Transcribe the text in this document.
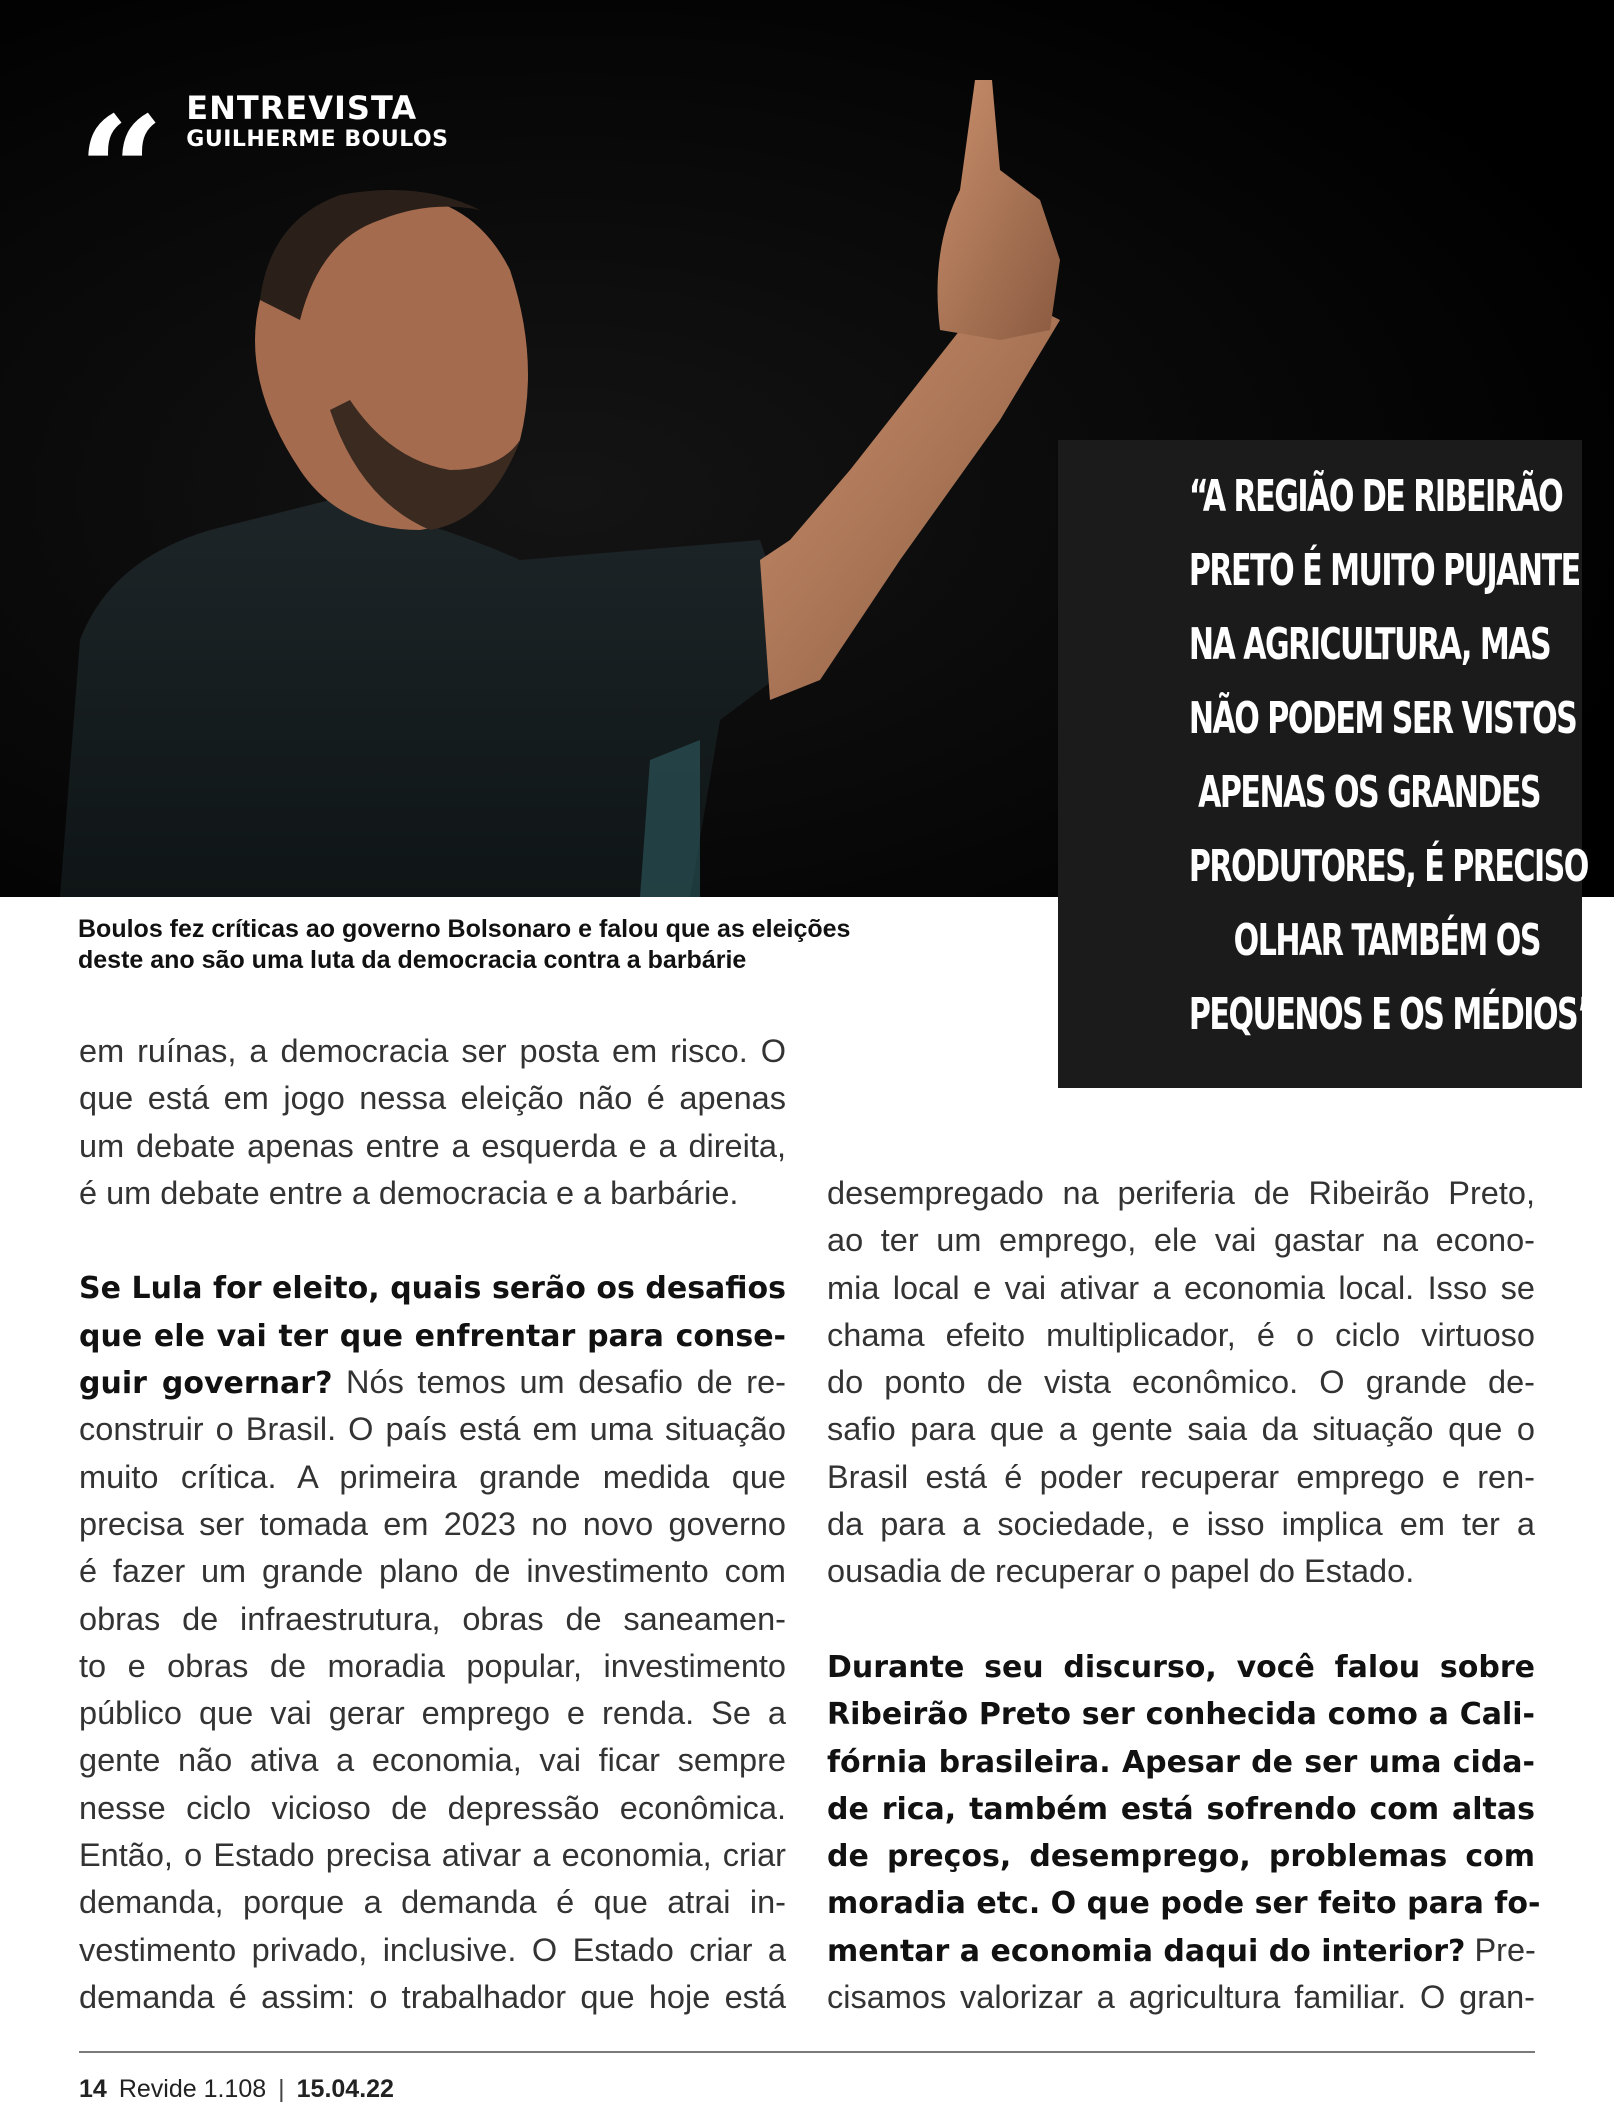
“ ENTREVISTA
GUILHERME BOULOS
“A REGIÃO DE RIBEIRÃO
PRETO É MUITO PUJANTE
NA AGRICULTURA, MAS
NÃO PODEM SER VISTOS
APENAS OS GRANDES
PRODUTORES, É PRECISO
OLHAR TAMBÉM OS
PEQUENOS E OS MÉDIOS”
Boulos fez críticas ao governo Bolsonaro e falou que as eleições
deste ano são uma luta da democracia contra a barbárie
em ruínas, a democracia ser posta em risco. O
que está em jogo nessa eleição não é apenas
um debate apenas entre a esquerda e a direita,
é um debate entre a democracia e a barbárie.
Se Lula for eleito, quais serão os desafios
que ele vai ter que enfrentar para conse-
guir governar? Nós temos um desafio de re-
construir o Brasil. O país está em uma situação
muito crítica. A primeira grande medida que
precisa ser tomada em 2023 no novo governo
é fazer um grande plano de investimento com
obras de infraestrutura, obras de saneamen-
to e obras de moradia popular, investimento
público que vai gerar emprego e renda. Se a
gente não ativa a economia, vai ficar sempre
nesse ciclo vicioso de depressão econômica.
Então, o Estado precisa ativar a economia, criar
demanda, porque a demanda é que atrai in-
vestimento privado, inclusive. O Estado criar a
demanda é assim: o trabalhador que hoje está
desempregado na periferia de Ribeirão Preto,
ao ter um emprego, ele vai gastar na econo-
mia local e vai ativar a economia local. Isso se
chama efeito multiplicador, é o ciclo virtuoso
do ponto de vista econômico. O grande de-
safio para que a gente saia da situação que o
Brasil está é poder recuperar emprego e ren-
da para a sociedade, e isso implica em ter a
ousadia de recuperar o papel do Estado.
Durante seu discurso, você falou sobre
Ribeirão Preto ser conhecida como a Cali-
fórnia brasileira. Apesar de ser uma cida-
de rica, também está sofrendo com altas
de preços, desemprego, problemas com
moradia etc. O que pode ser feito para fo-
mentar a economia daqui do interior? Pre-
cisamos valorizar a agricultura familiar. O gran-
14 Revide 1.108 | 15.04.22
